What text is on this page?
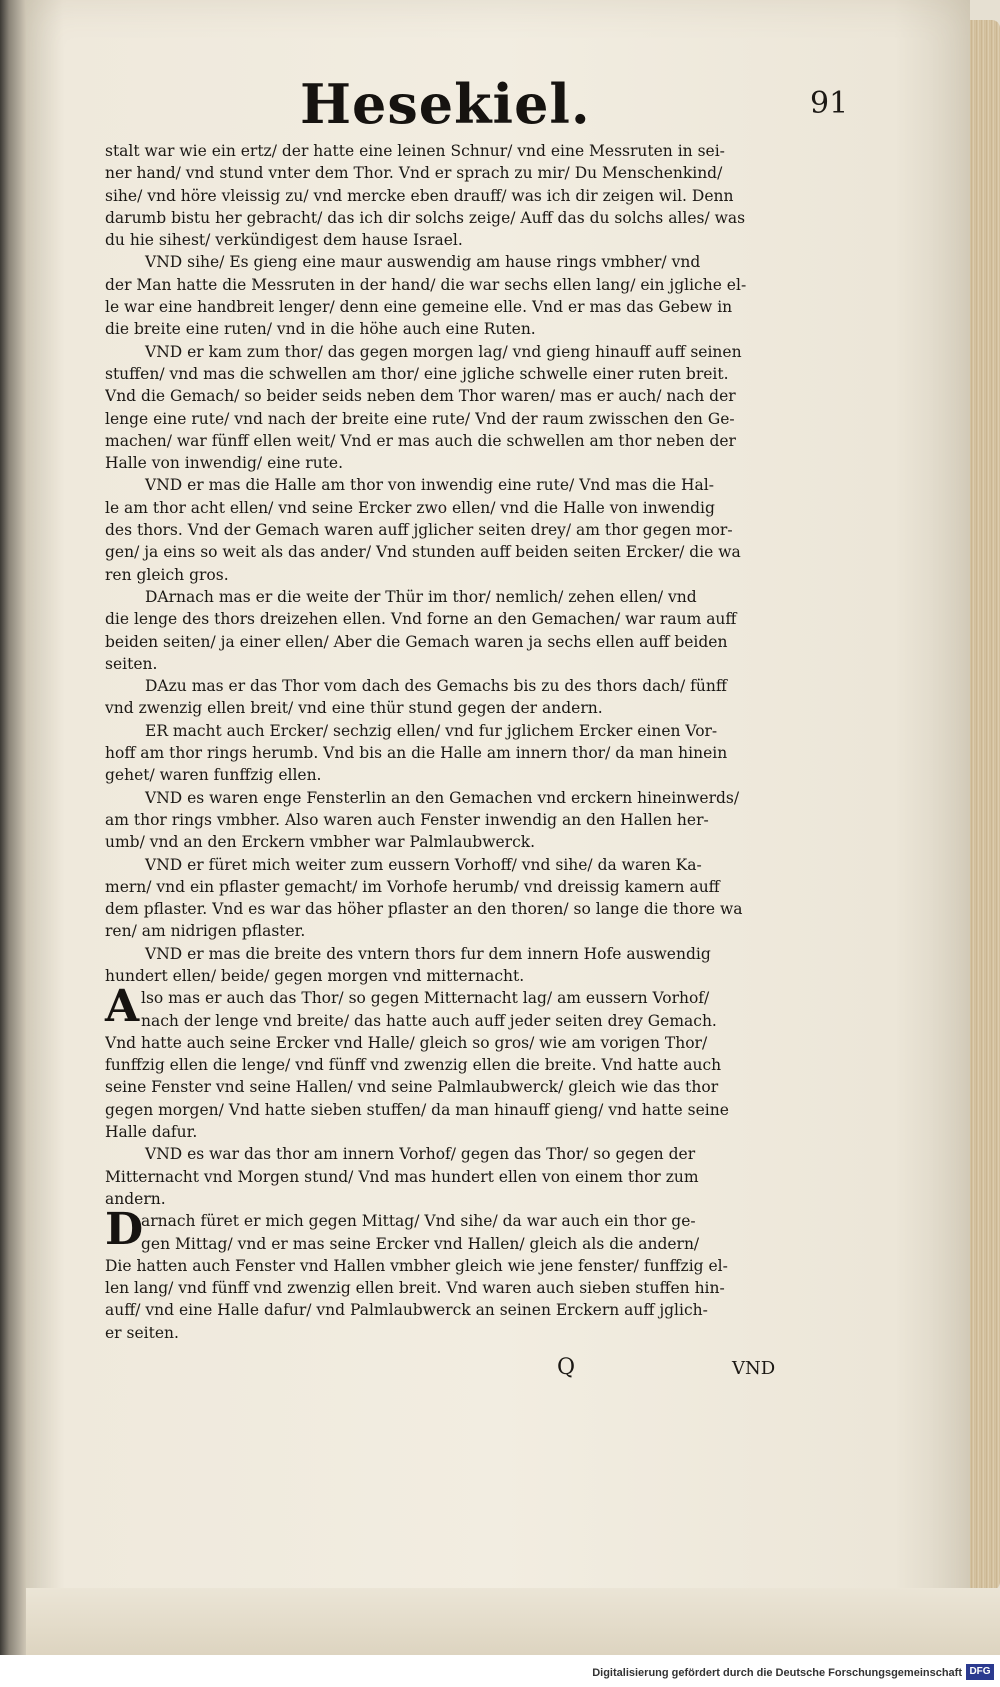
Hesekiel.	91
stalt war wie ein ertz/ der hatte eine leinen Schnur/ vnd eine Messruten in sei-
ner hand/ vnd stund vnter dem Thor. Vnd er sprach zu mir/ Du Menschenkind/
sihe/ vnd höre vleissig zu/ vnd mercke eben drauff/ was ich dir zeigen wil. Denn
darumb bistu her gebracht/ das ich dir solchs zeige/ Auff das du solchs alles/ was
du hie sihest/ verkündigest dem hause Israel.
VND sihe/ Es gieng eine maur auswendig am hause rings vmbher/ vnd
der Man hatte die Messruten in der hand/ die war sechs ellen lang/ ein jgliche el-
le war eine handbreit lenger/ denn eine gemeine elle. Vnd er mas das Gebew in
die breite eine ruten/ vnd in die höhe auch eine Ruten.
VND er kam zum thor/ das gegen morgen lag/ vnd gieng hinauff auff seinen
stuffen/ vnd mas die schwellen am thor/ eine jgliche schwelle einer ruten breit.
Vnd die Gemach/ so beider seids neben dem Thor waren/ mas er auch/ nach der
lenge eine rute/ vnd nach der breite eine rute/ Vnd der raum zwisschen den Ge-
machen/ war fünff ellen weit/ Vnd er mas auch die schwellen am thor neben der
Halle von inwendig/ eine rute.
VND er mas die Halle am thor von inwendig eine rute/ Vnd mas die Hal-
le am thor acht ellen/ vnd seine Ercker zwo ellen/ vnd die Halle von inwendig
des thors. Vnd der Gemach waren auff jglicher seiten drey/ am thor gegen mor-
gen/ ja eins so weit als das ander/ Vnd stunden auff beiden seiten Ercker/ die wa
ren gleich gros.
DArnach mas er die weite der Thür im thor/ nemlich/ zehen ellen/ vnd
die lenge des thors dreizehen ellen. Vnd forne an den Gemachen/ war raum auff
beiden seiten/ ja einer ellen/ Aber die Gemach waren ja sechs ellen auff beiden
seiten.
DAzu mas er das Thor vom dach des Gemachs bis zu des thors dach/ fünff
vnd zwenzig ellen breit/ vnd eine thür stund gegen der andern.
ER macht auch Ercker/ sechzig ellen/ vnd fur jglichem Ercker einen Vor-
hoff am thor rings herumb. Vnd bis an die Halle am innern thor/ da man hinein
gehet/ waren funffzig ellen.
VND es waren enge Fensterlin an den Gemachen vnd erckern hineinwerds/
am thor rings vmbher. Also waren auch Fenster inwendig an den Hallen her-
umb/ vnd an den Erckern vmbher war Palmlaubwerck.
VND er füret mich weiter zum eussern Vorhoff/ vnd sihe/ da waren Ka-
mern/ vnd ein pflaster gemacht/ im Vorhofe herumb/ vnd dreissig kamern auff
dem pflaster. Vnd es war das höher pflaster an den thoren/ so lange die thore wa
ren/ am nidrigen pflaster.
VND er mas die breite des vntern thors fur dem innern Hofe auswendig
hundert ellen/ beide/ gegen morgen vnd mitternacht.
A lso mas er auch das Thor/ so gegen Mitternacht lag/ am eussern Vorhof/
nach der lenge vnd breite/ das hatte auch auff jeder seiten drey Gemach.
Vnd hatte auch seine Ercker vnd Halle/ gleich so gros/ wie am vorigen Thor/
funffzig ellen die lenge/ vnd fünff vnd zwenzig ellen die breite. Vnd hatte auch
seine Fenster vnd seine Hallen/ vnd seine Palmlaubwerck/ gleich wie das thor
gegen morgen/ Vnd hatte sieben stuffen/ da man hinauff gieng/ vnd hatte seine
Halle dafur.
VND es war das thor am innern Vorhof/ gegen das Thor/ so gegen der
Mitternacht vnd Morgen stund/ Vnd mas hundert ellen von einem thor zum
andern.
D
arnach füret er mich gegen Mittag/ Vnd sihe/ da war auch ein thor ge-
gen Mittag/ vnd er mas seine Ercker vnd Hallen/ gleich als die andern/
Die hatten auch Fenster vnd Hallen vmbher gleich wie jene fenster/ funffzig el-
len lang/ vnd fünff vnd zwenzig ellen breit. Vnd waren auch sieben stuffen hin-
auff/ vnd eine Halle dafur/ vnd Palmlaubwerck an seinen Erckern auff jglich-
er seiten.
Q	VND
Digitalisierung gefördert durch die Deutsche Forschungsgemeinschaft DFG
